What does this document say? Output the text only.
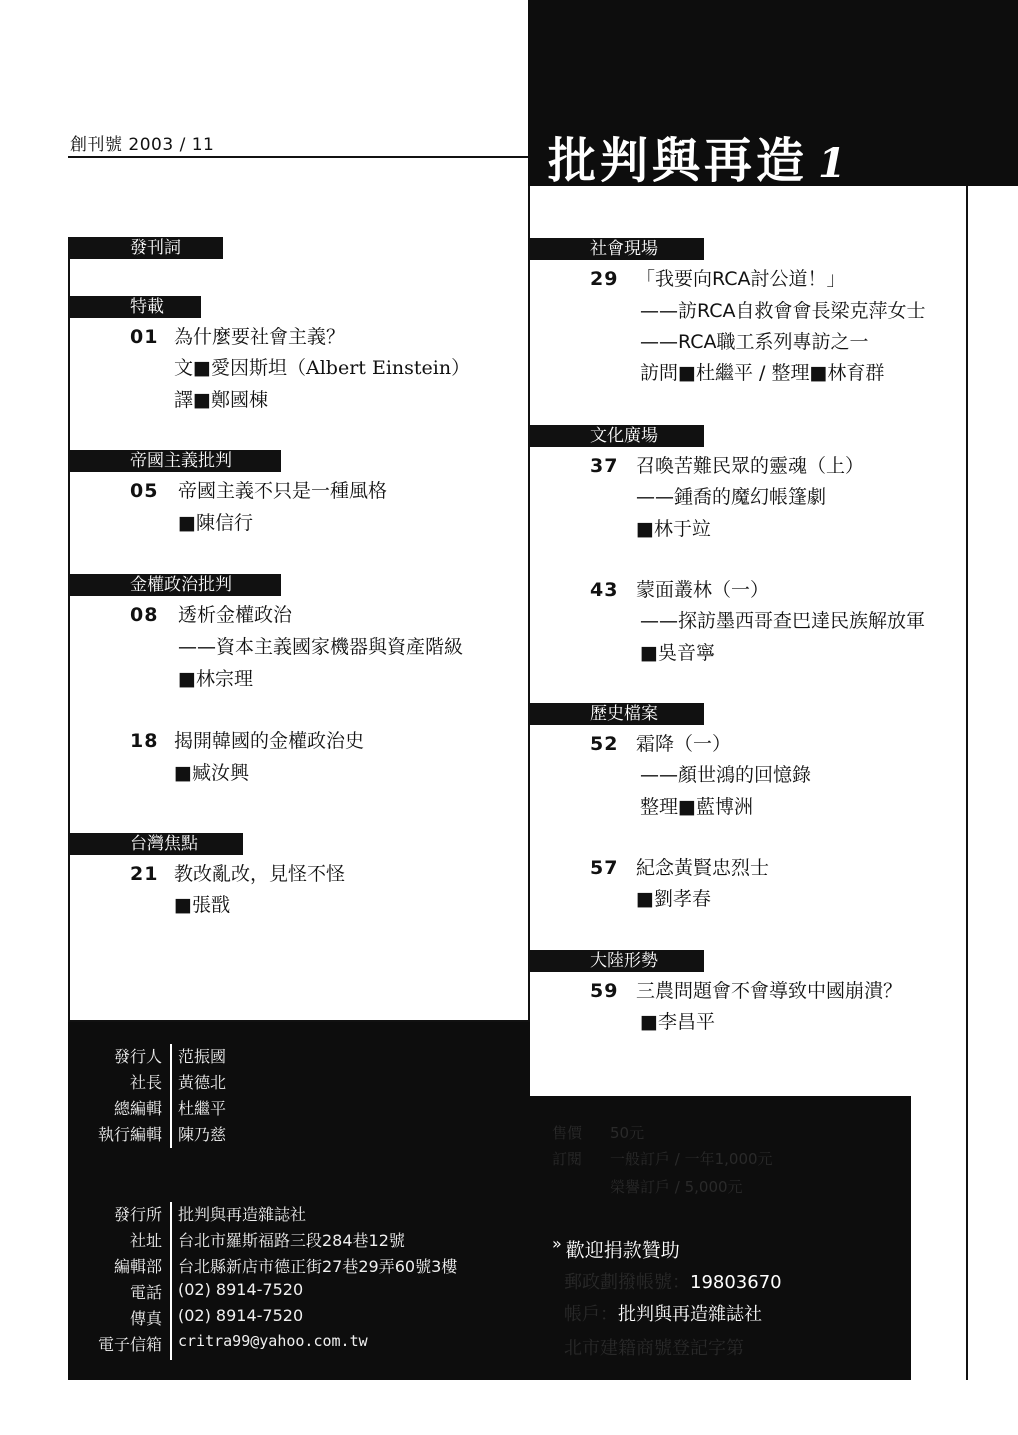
創刊號 2003 / 11	批判與再造 1
發刊詞
特載
01 為什麼要社會主義？
文 ■ 愛因斯坦（Albert Einstein）
譯 ■ 鄭國棟
帝國主義批判
05 帝國主義不只是一種風格
■ 陳信行
金權政治批判
08 透析金權政治
——資本主義國家機器與資產階級
■ 林宗理
18 揭開韓國的金權政治史
■ 臧汝興
台灣焦點
21 教改亂改，見怪不怪
■ 張戬
社會現場
29 「我要向RCA討公道！」
——訪RCA自救會會長梁克萍女士
——RCA職工系列專訪之一
訪問 ■ 杜繼平 / 整理 ■ 林育群
文化廣場
37 召喚苦難民眾的靈魂（上）
——鍾喬的魔幻帳篷劇
■ 林于竝
43 蒙面叢林（一）
——探訪墨西哥查巴達民族解放軍
■ 吳音寧
歷史檔案
52 霜降（一）
——顏世鴻的回憶錄
整理 ■ 藍博洲
57 紀念黃賢忠烈士
■ 劉孝春
大陸形勢
59 三農問題會不會導致中國崩潰？
■ 李昌平
發行人 范振國
社長 黃德北
總編輯 杜繼平
執行編輯 陳乃慈
發行所 批判與再造雜誌社
社址 台北市羅斯福路三段284巷12號
編輯部 台北縣新店市德正街27巷29弄60號3樓
電話 (02) 8914-7520
傳真 (02) 8914-7520
電子信箱 critra99@yahoo.com.tw
售價 50元
訂閱 一般訂戶 / 一年1,000元
榮譽訂戶 / 5,000元
» 歡迎捐款贊助
郵政劃撥帳號：19803670
帳戶：批判與再造雜誌社
北市建籍商號登記字第
